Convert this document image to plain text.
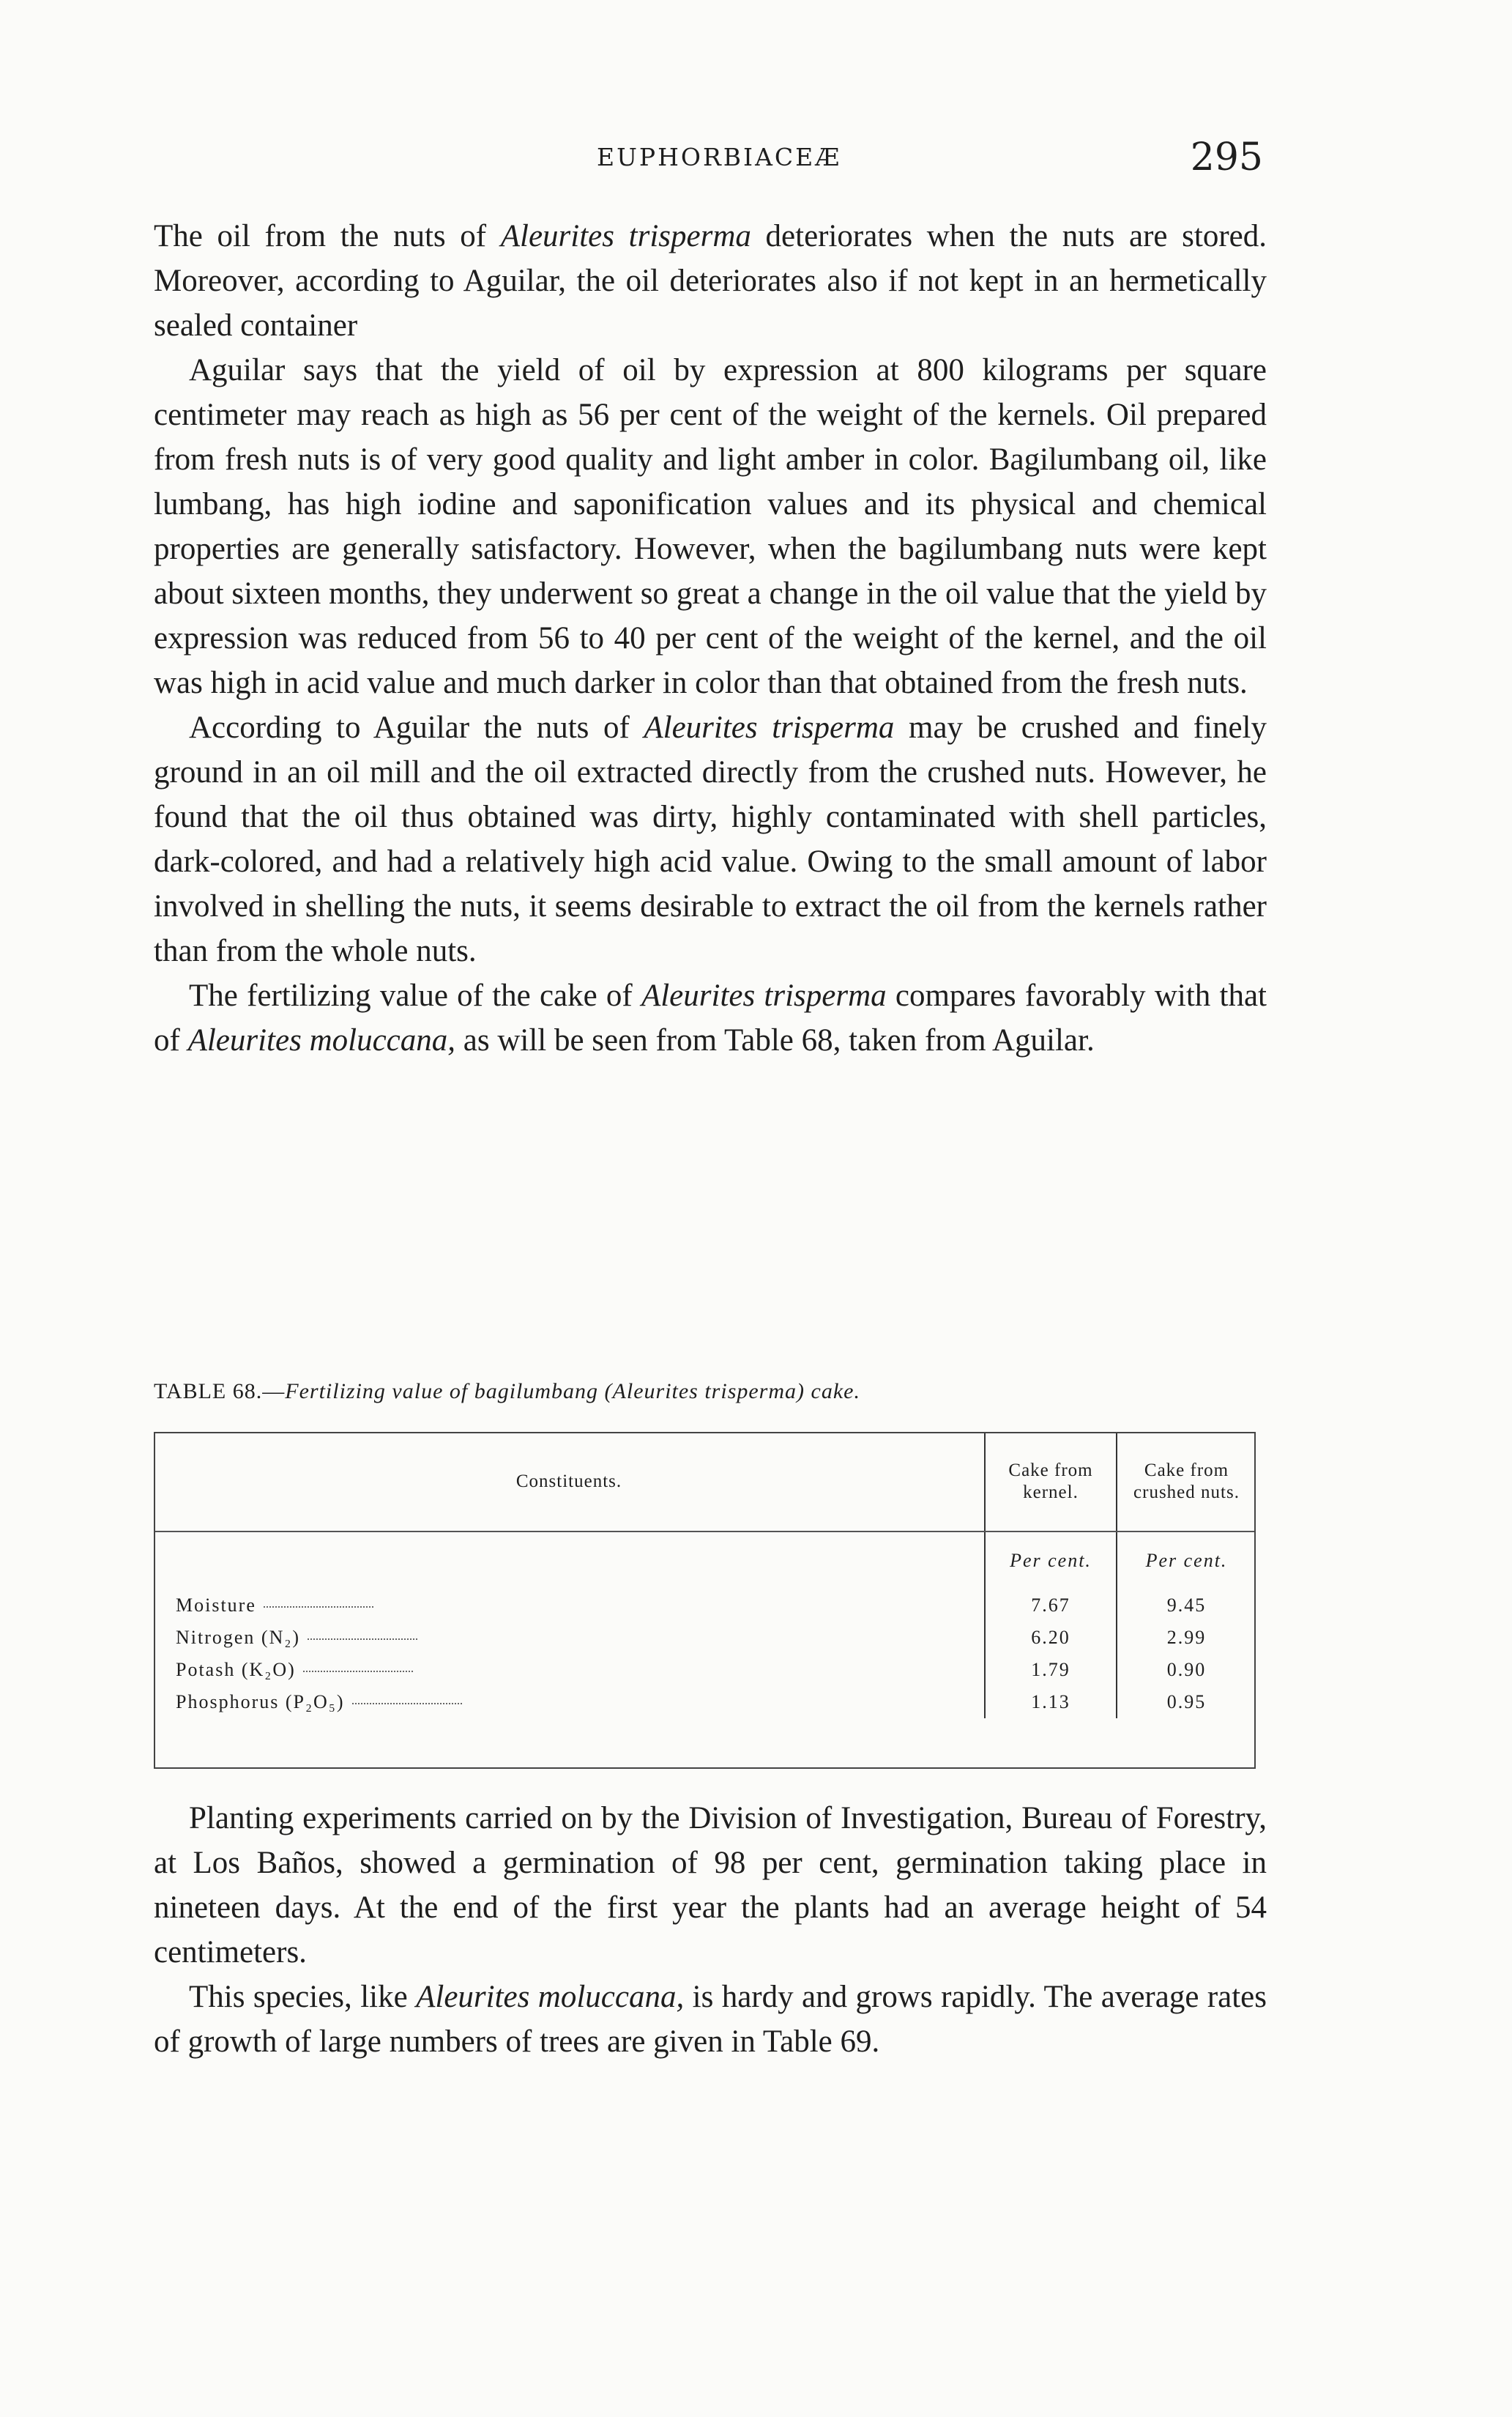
EUPHORBIACEÆ	295

The oil from the nuts of Aleurites trisperma deteriorates when the nuts are stored. Moreover, according to Aguilar, the oil deteriorates also if not kept in an hermetically sealed container

Aguilar says that the yield of oil by expression at 800 kilograms per square centimeter may reach as high as 56 per cent of the weight of the kernels. Oil prepared from fresh nuts is of very good quality and light amber in color. Bagilumbang oil, like lumbang, has high iodine and saponification values and its physical and chemical properties are generally satisfactory. However, when the bagilumbang nuts were kept about sixteen months, they underwent so great a change in the oil value that the yield by expression was reduced from 56 to 40 per cent of the weight of the kernel, and the oil was high in acid value and much darker in color than that obtained from the fresh nuts.

According to Aguilar the nuts of Aleurites trisperma may be crushed and finely ground in an oil mill and the oil extracted directly from the crushed nuts. However, he found that the oil thus obtained was dirty, highly contaminated with shell particles, dark-colored, and had a relatively high acid value. Owing to the small amount of labor involved in shelling the nuts, it seems desirable to extract the oil from the kernels rather than from the whole nuts.

The fertilizing value of the cake of Aleurites trisperma compares favorably with that of Aleurites moluccana, as will be seen from Table 68, taken from Aguilar.

TABLE 68.—Fertilizing value of bagilumbang (Aleurites trisperma) cake.
Constituents.	Cake from kernel.	Cake from crushed nuts.
	Per cent.	Per cent.
Moisture	7.67	9.45
Nitrogen (N₂)	6.20	2.99
Potash (K₂O)	1.79	0.90
Phosphorus (P₂O₅)	1.13	0.95

Planting experiments carried on by the Division of Investigation, Bureau of Forestry, at Los Baños, showed a germination of 98 per cent, germination taking place in nineteen days. At the end of the first year the plants had an average height of 54 centimeters.

This species, like Aleurites moluccana, is hardy and grows rapidly. The average rates of growth of large numbers of trees are given in Table 69.
